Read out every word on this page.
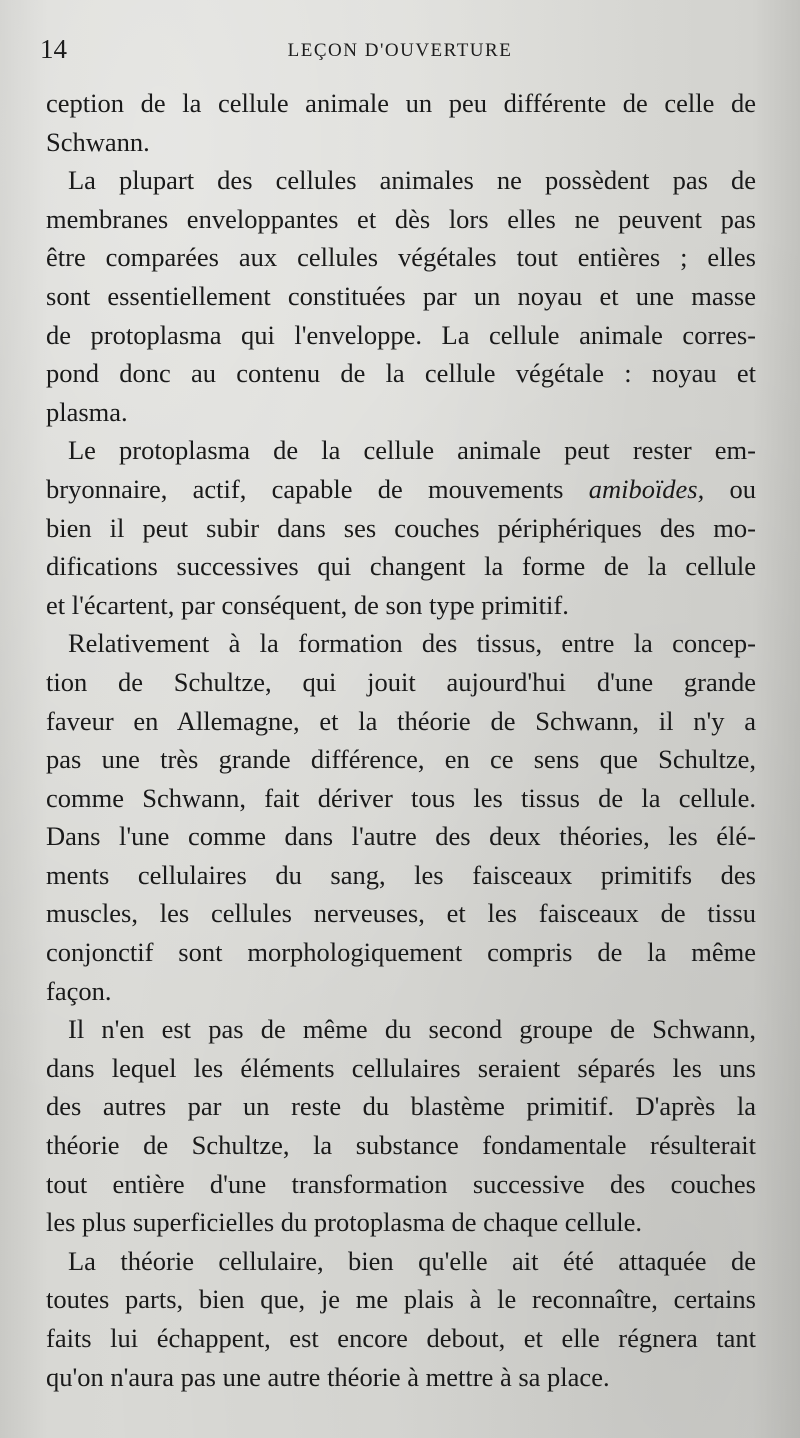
14	LEÇON D'OUVERTURE
ception de la cellule animale un peu différente de celle de
Schwann.
La plupart des cellules animales ne possèdent pas de
membranes enveloppantes et dès lors elles ne peuvent pas
être comparées aux cellules végétales tout entières ; elles
sont essentiellement constituées par un noyau et une masse
de protoplasma qui l'enveloppe. La cellule animale corres-
pond donc au contenu de la cellule végétale : noyau et
plasma.
Le protoplasma de la cellule animale peut rester em-
bryonnaire, actif, capable de mouvements amiboïdes, ou
bien il peut subir dans ses couches périphériques des mo-
difications successives qui changent la forme de la cellule
et l'écartent, par conséquent, de son type primitif.
Relativement à la formation des tissus, entre la concep-
tion de Schultze, qui jouit aujourd'hui d'une grande
faveur en Allemagne, et la théorie de Schwann, il n'y a
pas une très grande différence, en ce sens que Schultze,
comme Schwann, fait dériver tous les tissus de la cellule.
Dans l'une comme dans l'autre des deux théories, les élé-
ments cellulaires du sang, les faisceaux primitifs des
muscles, les cellules nerveuses, et les faisceaux de tissu
conjonctif sont morphologiquement compris de la même
façon.
Il n'en est pas de même du second groupe de Schwann,
dans lequel les éléments cellulaires seraient séparés les uns
des autres par un reste du blastème primitif. D'après la
théorie de Schultze, la substance fondamentale résulterait
tout entière d'une transformation successive des couches
les plus superficielles du protoplasma de chaque cellule.
La théorie cellulaire, bien qu'elle ait été attaquée de
toutes parts, bien que, je me plais à le reconnaître, certains
faits lui échappent, est encore debout, et elle régnera tant
qu'on n'aura pas une autre théorie à mettre à sa place.
